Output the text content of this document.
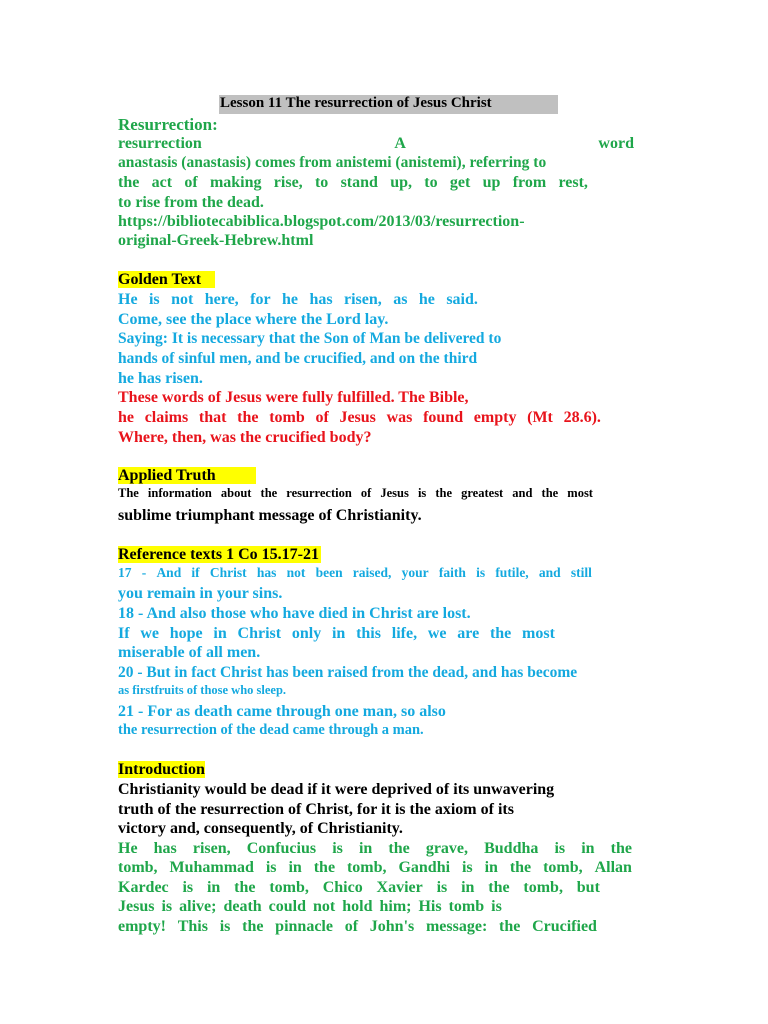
Lesson 11 The resurrection of Jesus Christ
Resurrection:
resurrection	A	word
anastasis (anastasis) comes from anistemi (anistemi), referring to
the act of making rise, to stand up, to get up from rest,
to rise from the dead.
https://bibliotecabiblica.blogspot.com/2013/03/resurrection-
original-Greek-Hebrew.html
Golden Text
He is not here, for he has risen, as he said.
Come, see the place where the Lord lay.
Saying: It is necessary that the Son of Man be delivered to
hands of sinful men, and be crucified, and on the third
he has risen.
These words of Jesus were fully fulfilled. The Bible,
he claims that the tomb of Jesus was found empty (Mt 28.6).
Where, then, was the crucified body?
Applied Truth
The information about the resurrection of Jesus is the greatest and the most
sublime triumphant message of Christianity.
Reference texts 1 Co 15.17-21
17 - And if Christ has not been raised, your faith is futile, and still
you remain in your sins.
18 - And also those who have died in Christ are lost.
If we hope in Christ only in this life, we are the most
miserable of all men.
20 - But in fact Christ has been raised from the dead, and has become
as firstfruits of those who sleep.
21 - For as death came through one man, so also
the resurrection of the dead came through a man.
Introduction
Christianity would be dead if it were deprived of its unwavering
truth of the resurrection of Christ, for it is the axiom of its
victory and, consequently, of Christianity.
He has risen, Confucius is in the grave, Buddha is in the
tomb, Muhammad is in the tomb, Gandhi is in the tomb, Allan
Kardec is in the tomb, Chico Xavier is in the tomb, but
Jesus is alive; death could not hold him; His tomb is
empty! This is the pinnacle of John's message: the Crucified
